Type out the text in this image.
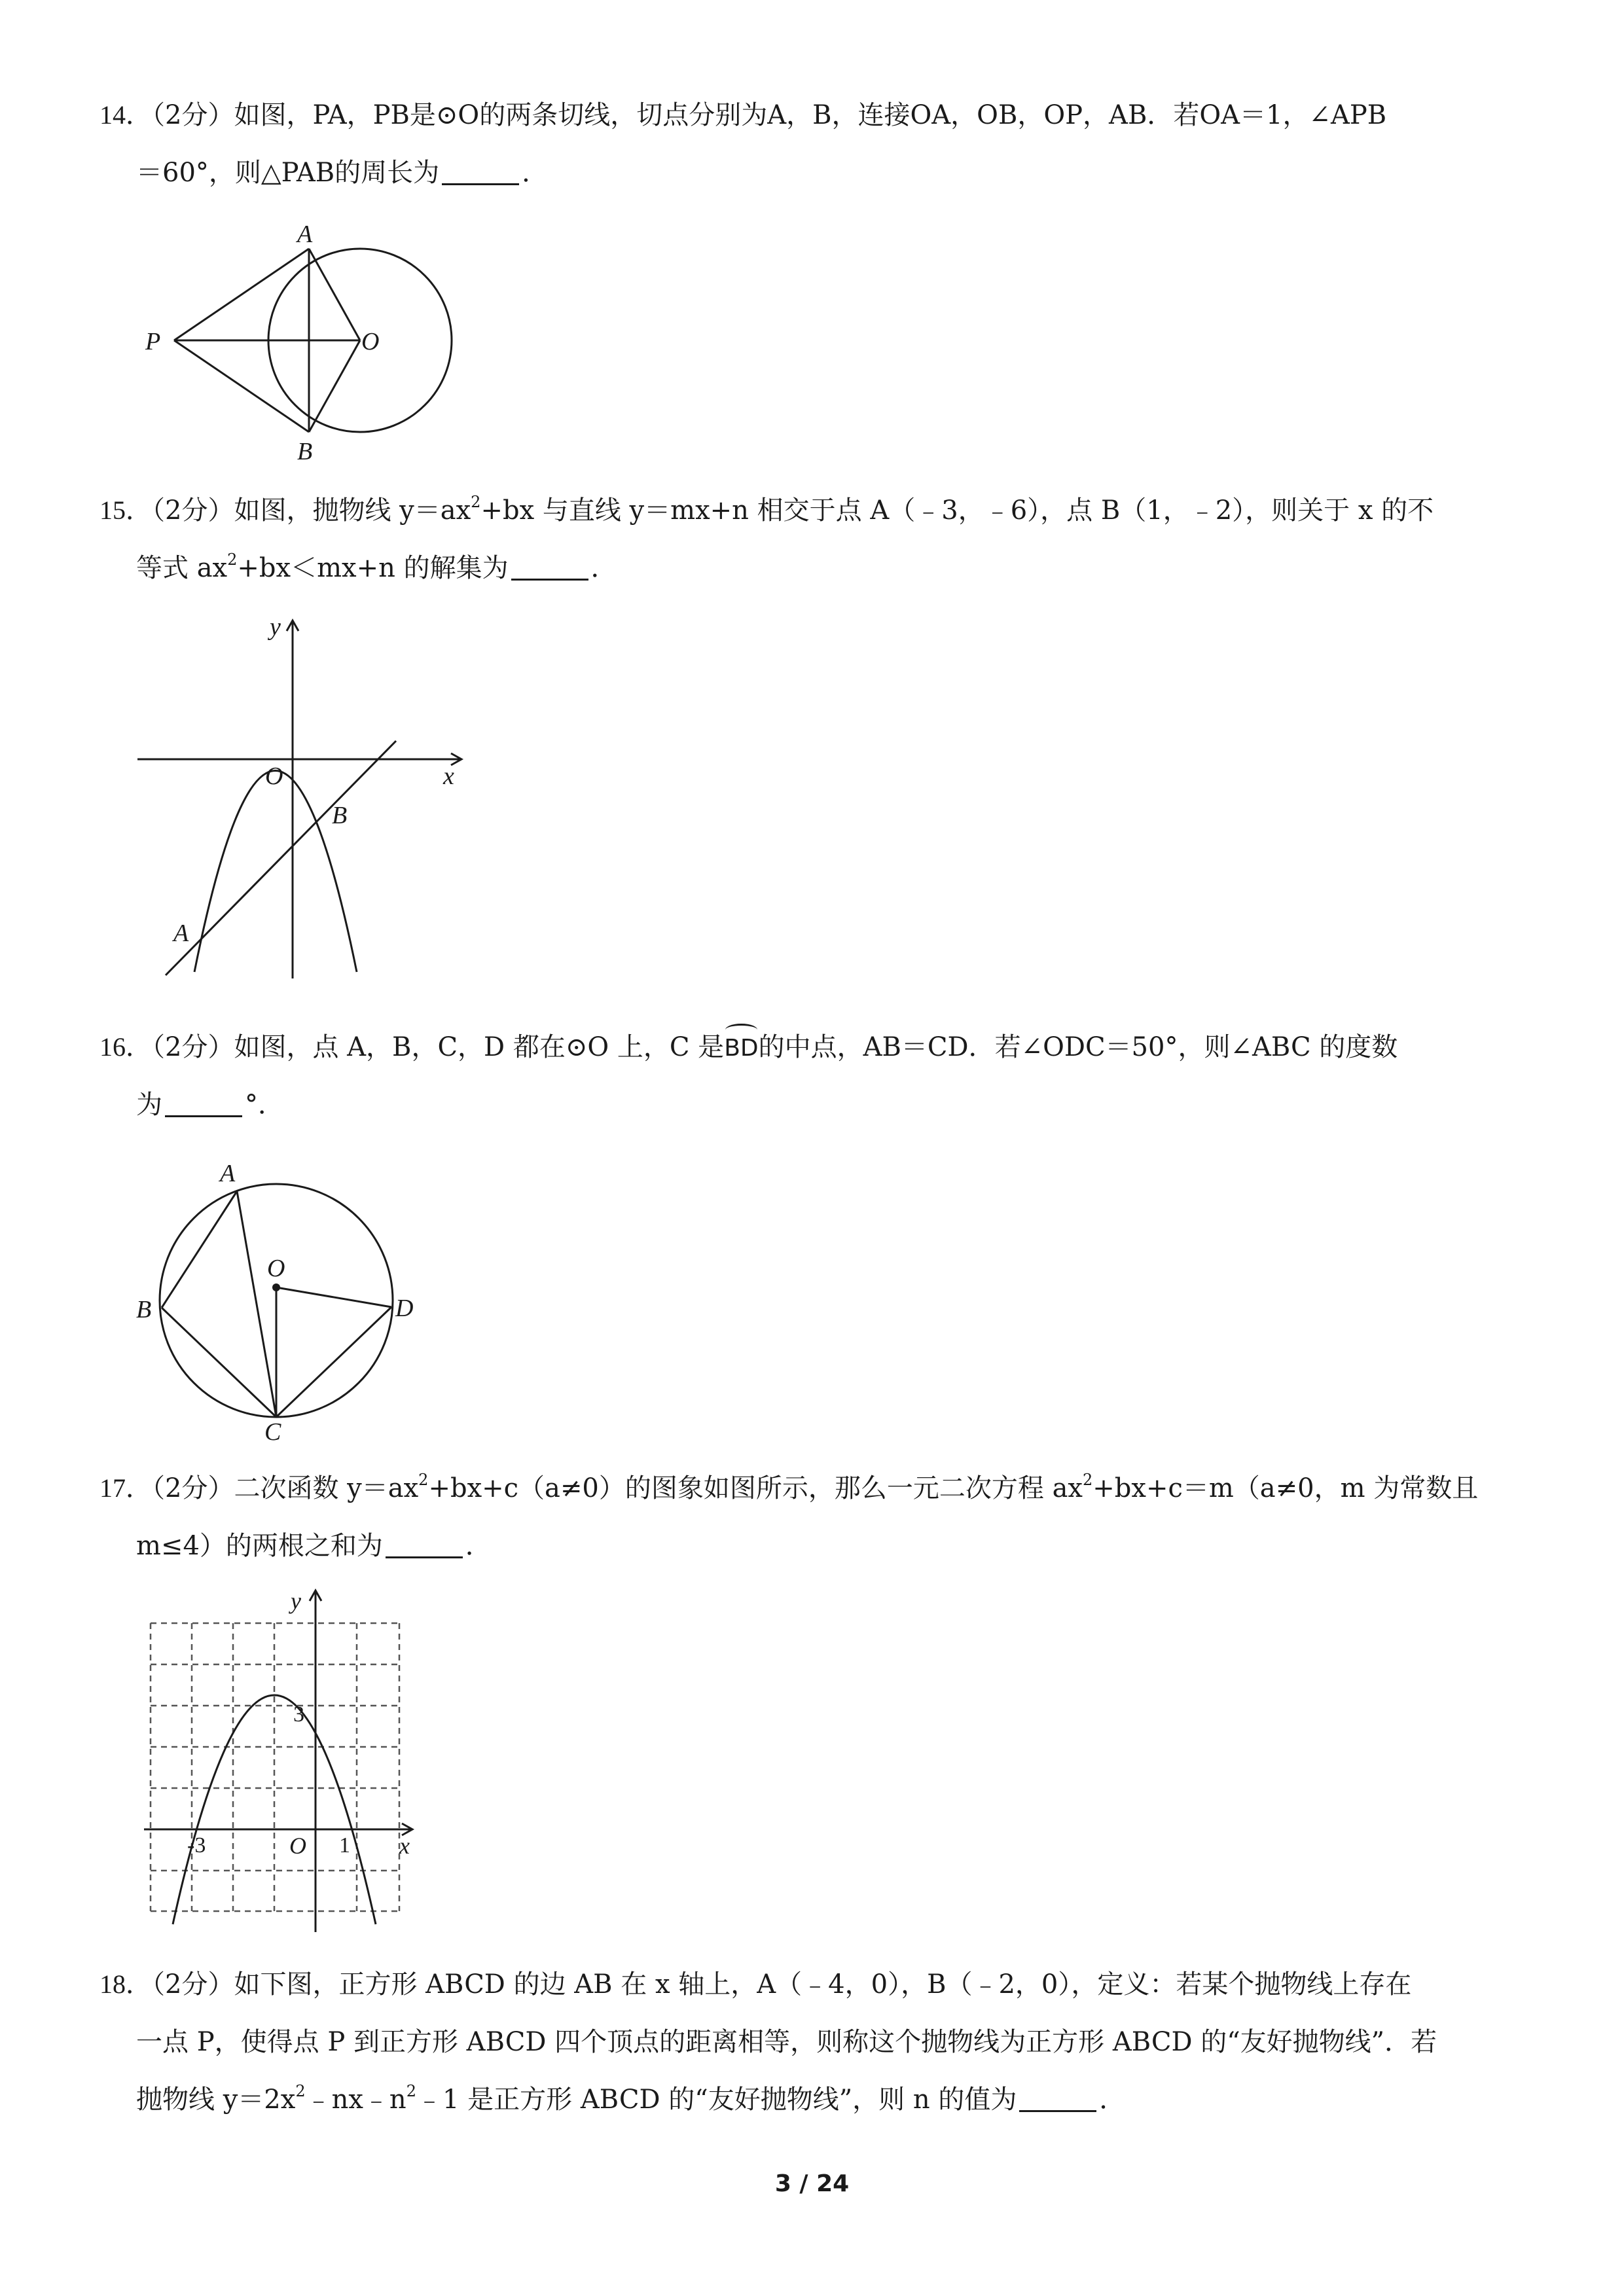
14．（2分）如图，PA，PB是⊙O的两条切线，切点分别为A，B，连接OA，OB，OP，AB．若OA＝1，∠APB
＝60°，则△PAB的周长为	．
A
B
P	O
15．（2分）如图，抛物线 $y=ax^2+bx$ 与直线 y＝mx+n 相交于点 A（﹣3，﹣6），点 B（1，﹣2），则关于 x 的不
等式 $ax^2+bx<mx+n$ 的解集为	．
y
x
O
A
B
16．（2分）如图，点 A，B，C，D 都在⊙O 上，C 是BD的中点，AB＝CD．若∠ODC＝50°，则∠ABC 的度数
为	°．
A
B
C
D
O
17．（2分）二次函数 $y=ax^2+bx+c(a\ne 0)$的图象如图所示，那么一元二次方程 $ax^2+bx+c=m(a\ne 0$，m 为常数且
m≤4）的两根之和为	．
y
x
O
3
-3	1
18．（2分）如下图，正方形 ABCD 的边 AB 在 x 轴上，A（﹣4，0），B（﹣2，0），定义：若某个抛物线上存在
一点 P，使得点 P 到正方形 ABCD 四个顶点的距离相等，则称这个抛物线为正方形 ABCD 的“友好抛物线”．若
抛物线 $y=2x^2﹣nx﹣n^2﹣1$ 是正方形 ABCD 的“友好抛物线”，则 n 的值为	．
3 / 24
